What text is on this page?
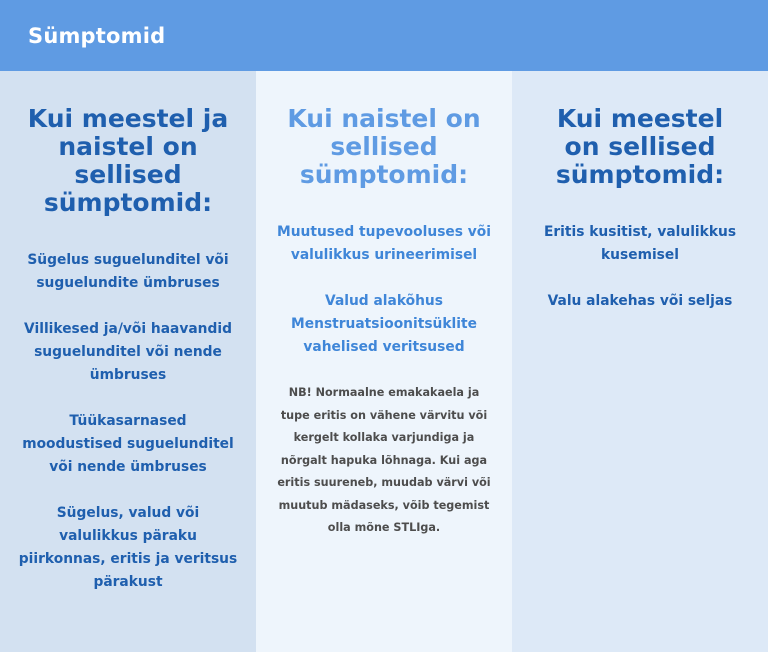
Sümptomid
Kui meestel ja naistel on sellised sümptomid:
Sügelus suguelunditel või suguelundite ümbruses
Villikesed ja/või haavandid suguelunditel või nende ümbruses
Tüükasarnased moodustised suguelunditel või nende ümbruses
Sügelus, valud või valulikkus päraku piirkonnas, eritis ja veritsus pärakust
Kui naistel on sellised sümptomid:
Muutused tupevooluses või valulikkus urineerimisel
Valud alakõhus Menstruatsioonitsüklite vahelised veritsused

NB! Normaalne emakakaela ja tupe eritis on vähene värvitu või kergelt kollaka varjundiga ja nõrgalt hapuka lõhnaga. Kui aga eritis suureneb, muudab värvi või muutub mädaseks, võib tegemist olla mõne STLIga.

Kui meestel on sellised sümptomid:
Eritis kusitist, valulikkus kusemisel
Valu alakehas või seljas
